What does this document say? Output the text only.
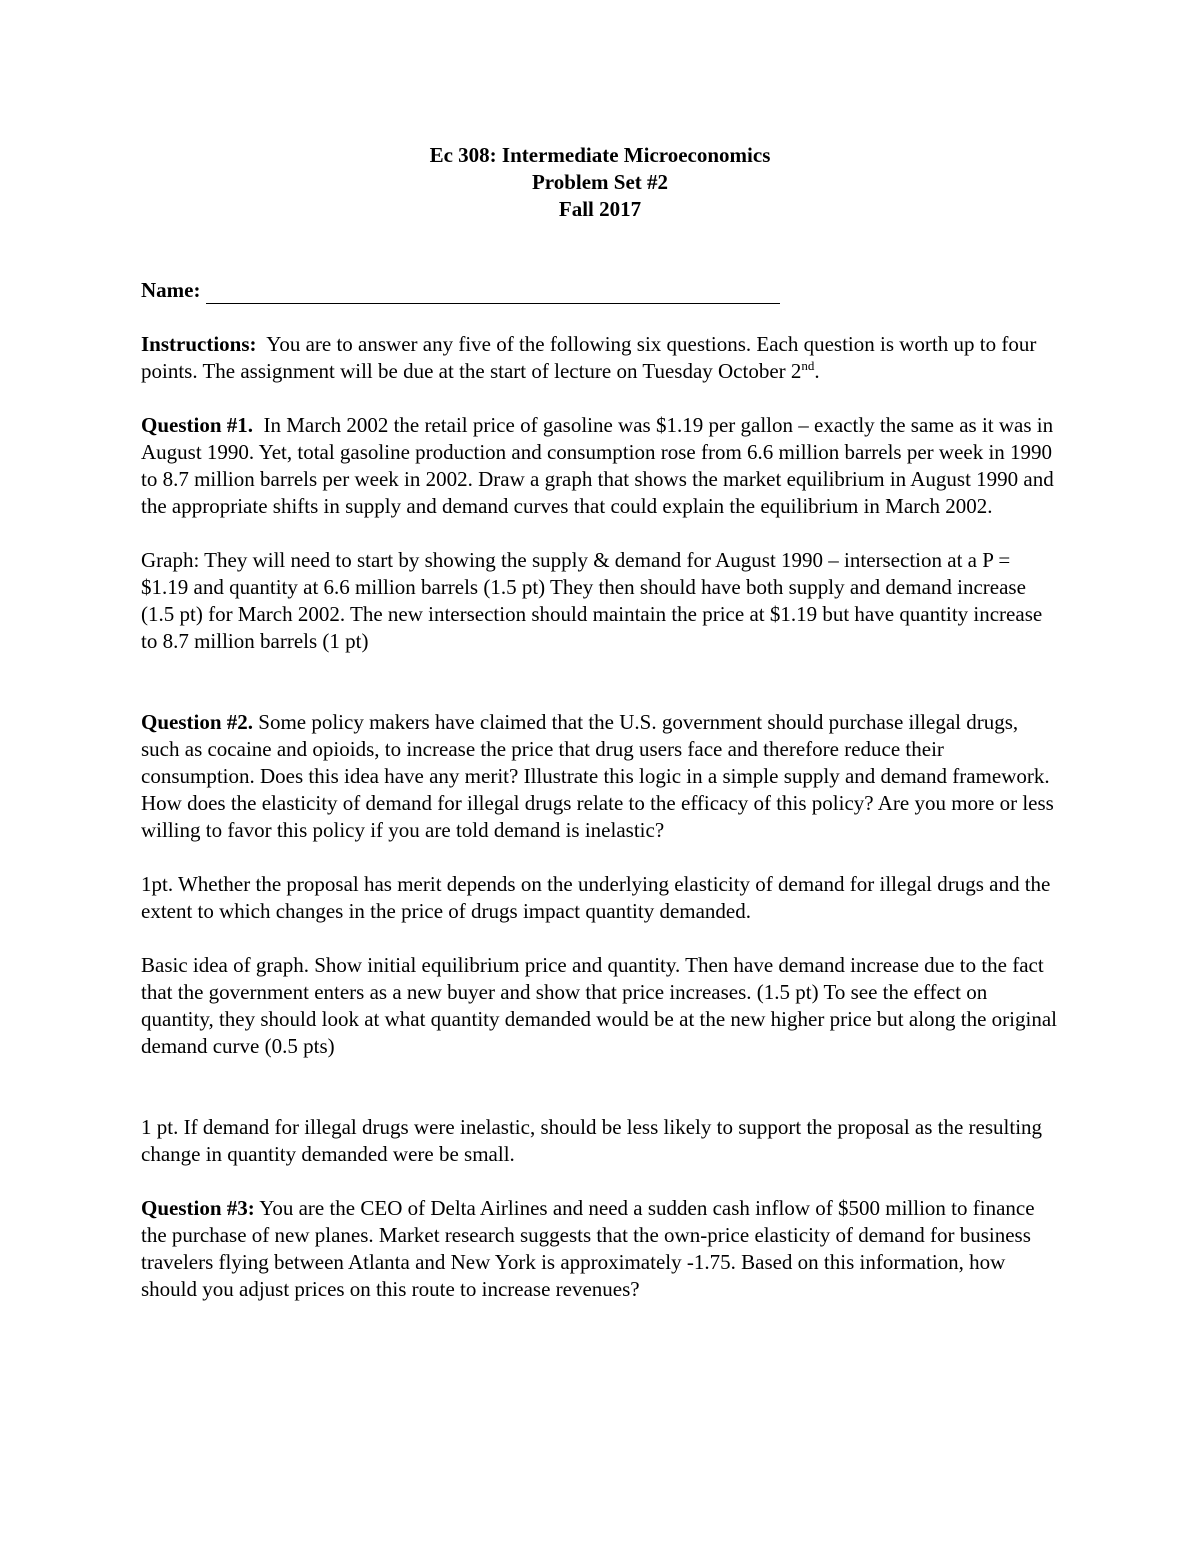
Ec 308: Intermediate Microeconomics
Problem Set #2
Fall 2017
Name:

Instructions: You are to answer any five of the following six questions. Each question is worth up to four points. The assignment will be due at the start of lecture on Tuesday October 2nd.

Question #1. In March 2002 the retail price of gasoline was $1.19 per gallon – exactly the same as it was in August 1990. Yet, total gasoline production and consumption rose from 6.6 million barrels per week in 1990 to 8.7 million barrels per week in 2002. Draw a graph that shows the market equilibrium in August 1990 and the appropriate shifts in supply and demand curves that could explain the equilibrium in March 2002.

Graph: They will need to start by showing the supply & demand for August 1990 – intersection at a P = $1.19 and quantity at 6.6 million barrels (1.5 pt) They then should have both supply and demand increase (1.5 pt) for March 2002. The new intersection should maintain the price at $1.19 but have quantity increase to 8.7 million barrels (1 pt)

Question #2. Some policy makers have claimed that the U.S. government should purchase illegal drugs, such as cocaine and opioids, to increase the price that drug users face and therefore reduce their consumption. Does this idea have any merit? Illustrate this logic in a simple supply and demand framework. How does the elasticity of demand for illegal drugs relate to the efficacy of this policy? Are you more or less willing to favor this policy if you are told demand is inelastic?

1pt. Whether the proposal has merit depends on the underlying elasticity of demand for illegal drugs and the extent to which changes in the price of drugs impact quantity demanded.

Basic idea of graph. Show initial equilibrium price and quantity. Then have demand increase due to the fact that the government enters as a new buyer and show that price increases. (1.5 pt) To see the effect on quantity, they should look at what quantity demanded would be at the new higher price but along the original demand curve (0.5 pts)

1 pt. If demand for illegal drugs were inelastic, should be less likely to support the proposal as the resulting change in quantity demanded were be small.

Question #3: You are the CEO of Delta Airlines and need a sudden cash inflow of $500 million to finance the purchase of new planes. Market research suggests that the own-price elasticity of demand for business travelers flying between Atlanta and New York is approximately -1.75. Based on this information, how should you adjust prices on this route to increase revenues?
